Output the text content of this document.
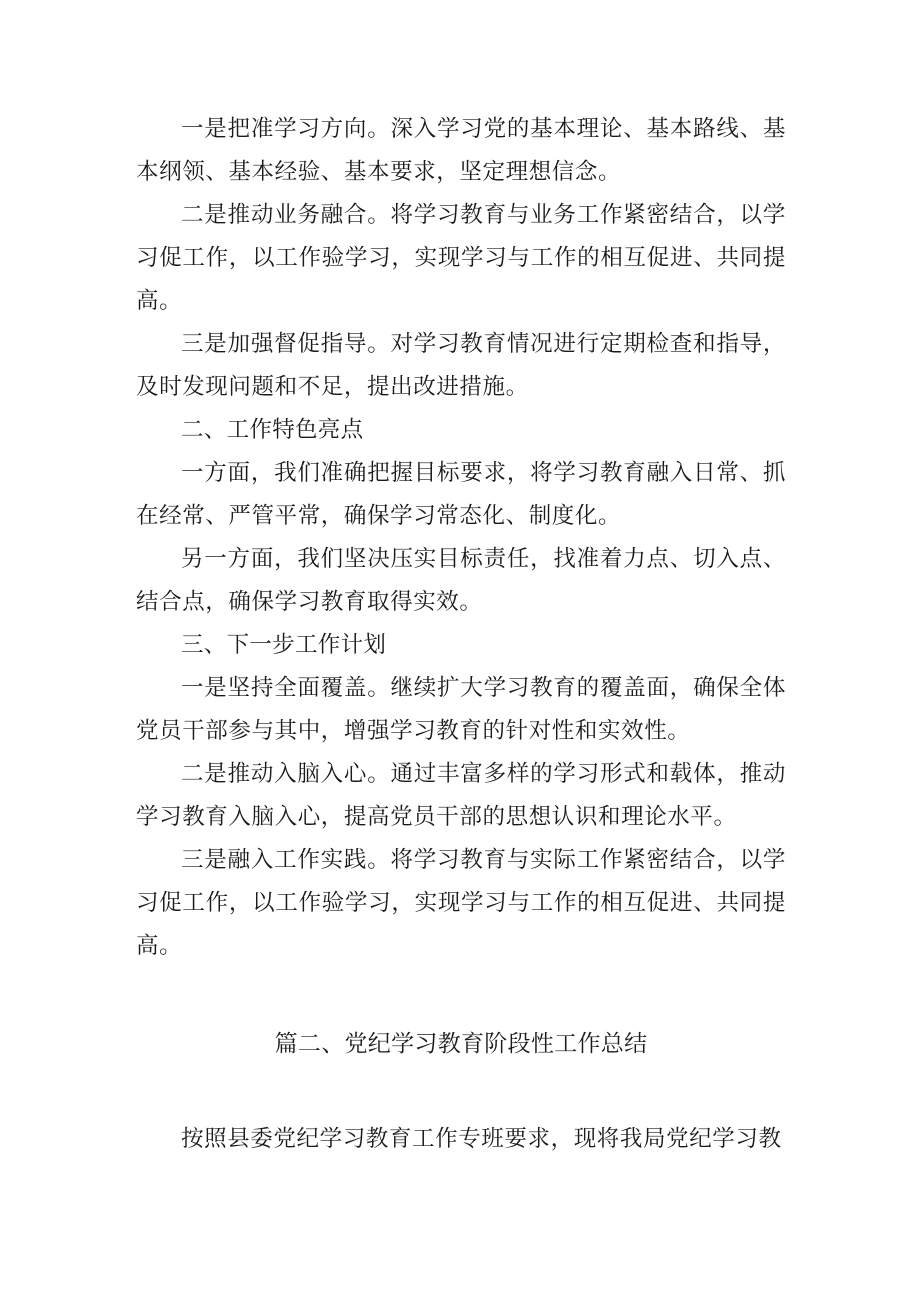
一是把准学习方向。深入学习党的基本理论、基本路线、基本纲领、基本经验、基本要求，坚定理想信念。

二是推动业务融合。将学习教育与业务工作紧密结合，以学习促工作，以工作验学习，实现学习与工作的相互促进、共同提高。

三是加强督促指导。对学习教育情况进行定期检查和指导，及时发现问题和不足，提出改进措施。

二、工作特色亮点

一方面，我们准确把握目标要求，将学习教育融入日常、抓在经常、严管平常，确保学习常态化、制度化。

另一方面，我们坚决压实目标责任，找准着力点、切入点、结合点，确保学习教育取得实效。

三、下一步工作计划

一是坚持全面覆盖。继续扩大学习教育的覆盖面，确保全体党员干部参与其中，增强学习教育的针对性和实效性。

二是推动入脑入心。通过丰富多样的学习形式和载体，推动学习教育入脑入心，提高党员干部的思想认识和理论水平。

三是融入工作实践。将学习教育与实际工作紧密结合，以学习促工作，以工作验学习，实现学习与工作的相互促进、共同提高。

篇二、党纪学习教育阶段性工作总结

按照县委党纪学习教育工作专班要求，现将我局党纪学习教
